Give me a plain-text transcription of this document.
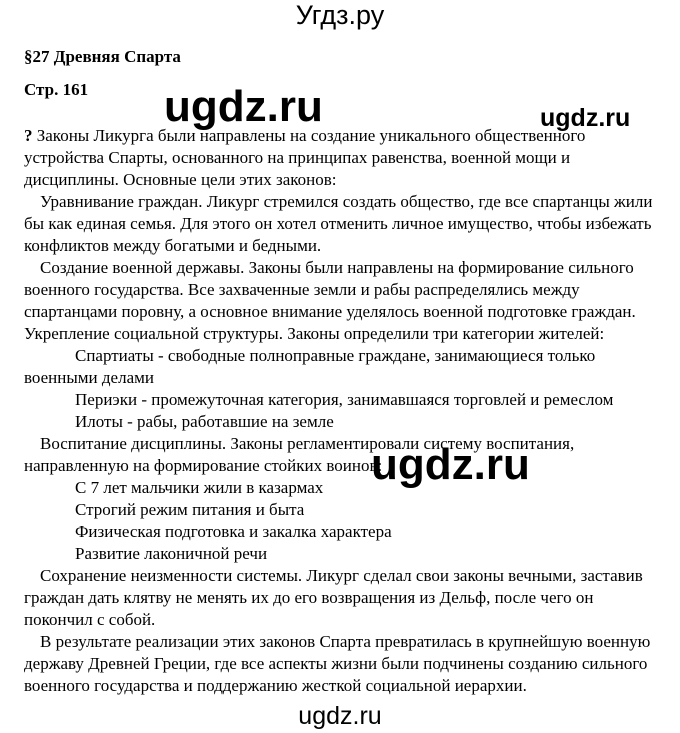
Угдз.ру
§27 Древняя Спарта
Стр. 161 ugdz.ru	ugdz.ru
? Законы Ликурга были направлены на создание уникального общественного
устройства Спарты, основанного на принципах равенства, военной мощи и
дисциплины. Основные цели этих законов:
Уравнивание граждан. Ликург стремился создать общество, где все спартанцы жили
бы как единая семья. Для этого он хотел отменить личное имущество, чтобы избежать
конфликтов между богатыми и бедными.
Создание военной державы. Законы были направлены на формирование сильного
военного государства. Все захваченные земли и рабы распределялись между
спартанцами поровну, а основное внимание уделялось военной подготовке граждан.
Укрепление социальной структуры. Законы определили три категории жителей:
Спартиаты - свободные полноправные граждане, занимающиеся только
военными делами
Периэки - промежуточная категория, занимавшаяся торговлей и ремеслом
Илоты - рабы, работавшие на земле
Воспитание дисциплины. Законы регламентировали систему воспитания,
направленную на формирование стойких воинов:
С 7 лет мальчики жили в казармах
Строгий режим питания и быта
Физическая подготовка и закалка характера
Развитие лаконичной речи
Сохранение неизменности системы. Ликург сделал свои законы вечными, заставив
граждан дать клятву не менять их до его возвращения из Дельф, после чего он
покончил с собой.
В результате реализации этих законов Спарта превратилась в крупнейшую военную
державу Древней Греции, где все аспекты жизни были подчинены созданию сильного
военного государства и поддержанию жесткой социальной иерархии.
ugdz.ru
ugdz.ru
